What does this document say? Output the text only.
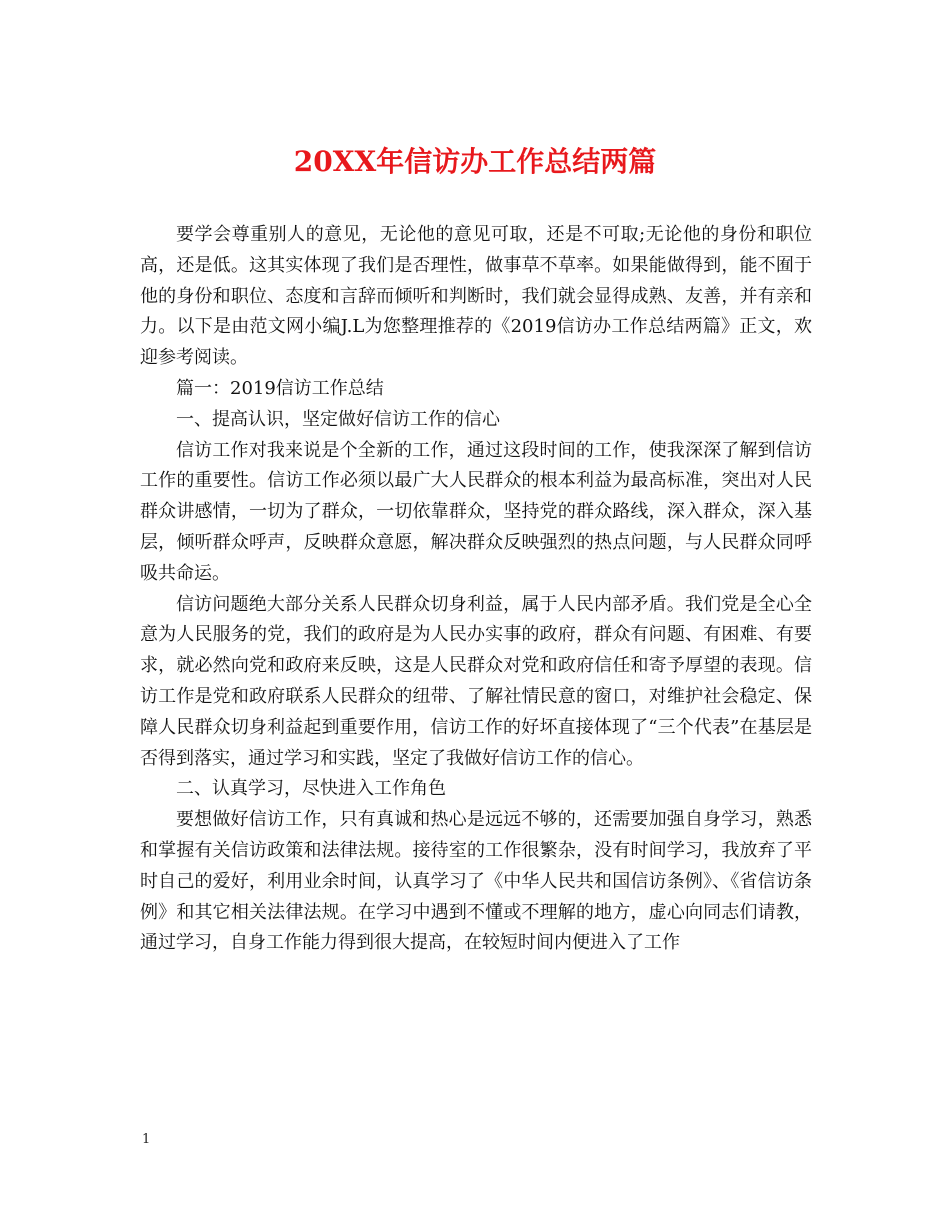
20XX年信访办工作总结两篇

要学会尊重别人的意见，无论他的意见可取，还是不可取;无论他的身份和职位高，还是低。这其实体现了我们是否理性，做事草不草率。如果能做得到，能不囿于他的身份和职位、态度和言辞而倾听和判断时，我们就会显得成熟、友善，并有亲和力。以下是由范文网小编J.L为您整理推荐的《2019信访办工作总结两篇》正文，欢迎参考阅读。

篇一：2019信访工作总结

一、提高认识，坚定做好信访工作的信心

信访工作对我来说是个全新的工作，通过这段时间的工作，使我深深了解到信访工作的重要性。信访工作必须以最广大人民群众的根本利益为最高标准，突出对人民群众讲感情，一切为了群众，一切依靠群众，坚持党的群众路线，深入群众，深入基层，倾听群众呼声，反映群众意愿，解决群众反映强烈的热点问题，与人民群众同呼吸共命运。

信访问题绝大部分关系人民群众切身利益，属于人民内部矛盾。我们党是全心全意为人民服务的党，我们的政府是为人民办实事的政府，群众有问题、有困难、有要求，就必然向党和政府来反映，这是人民群众对党和政府信任和寄予厚望的表现。信访工作是党和政府联系人民群众的纽带、了解社情民意的窗口，对维护社会稳定、保障人民群众切身利益起到重要作用，信访工作的好坏直接体现了“三个代表”在基层是否得到落实，通过学习和实践，坚定了我做好信访工作的信心。

二、认真学习，尽快进入工作角色

要想做好信访工作，只有真诚和热心是远远不够的，还需要加强自身学习，熟悉和掌握有关信访政策和法律法规。接待室的工作很繁杂，没有时间学习，我放弃了平时自己的爱好，利用业余时间，认真学习了《中华人民共和国信访条例》、《省信访条例》和其它相关法律法规。在学习中遇到不懂或不理解的地方，虚心向同志们请教，通过学习，自身工作能力得到很大提高，在较短时间内便进入了工作

1
